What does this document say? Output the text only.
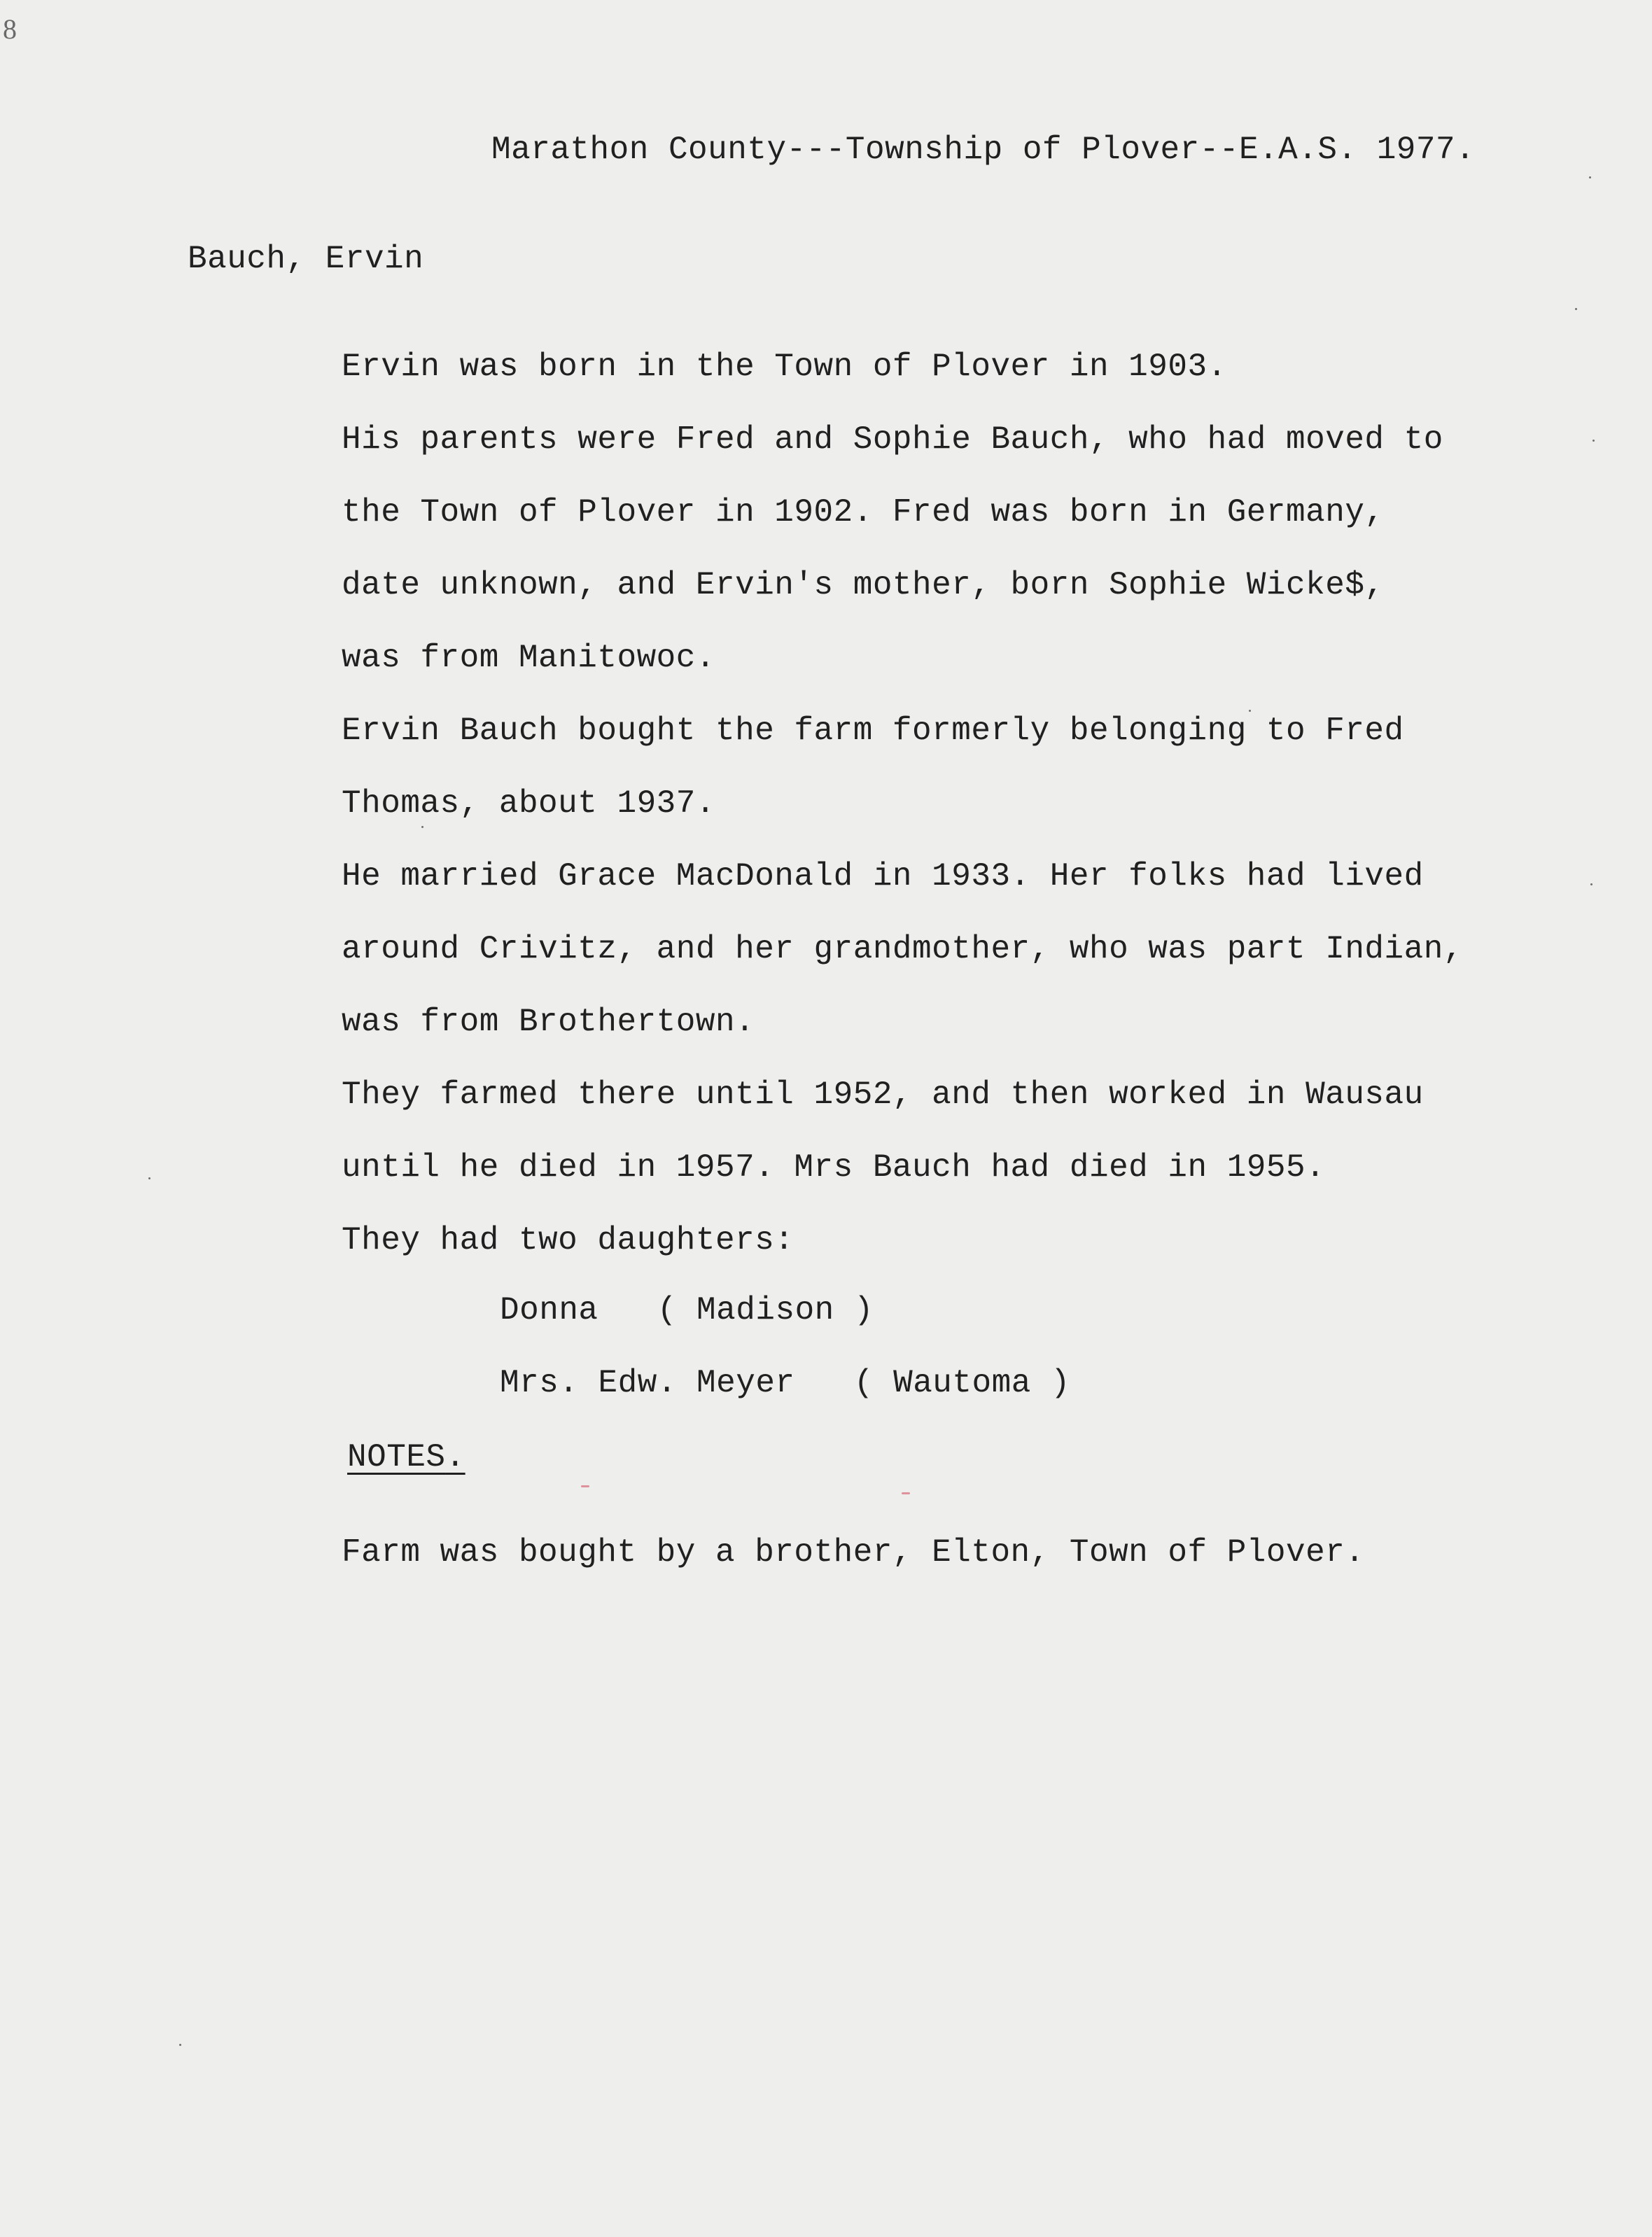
8
Marathon County---Township of Plover--E.A.S. 1977.
Bauch, Ervin
Ervin was born in the Town of Plover in 1903.
His parents were Fred and Sophie Bauch, who had moved to
the Town of Plover in 1902. Fred was born in Germany,
date unknown, and Ervin's mother, born Sophie Wicke$,
was from Manitowoc.
Ervin Bauch bought the farm formerly belonging to Fred
Thomas, about 1937.
He married Grace MacDonald in 1933. Her folks had lived
around Crivitz, and her grandmother, who was part Indian,
was from Brothertown.
They farmed there until 1952, and then worked in Wausau
until he died in 1957. Mrs Bauch had died in 1955.
They had two daughters:
Donna   ( Madison )
Mrs. Edw. Meyer   ( Wautoma )
NOTES.
Farm was bought by a brother, Elton, Town of Plover.
